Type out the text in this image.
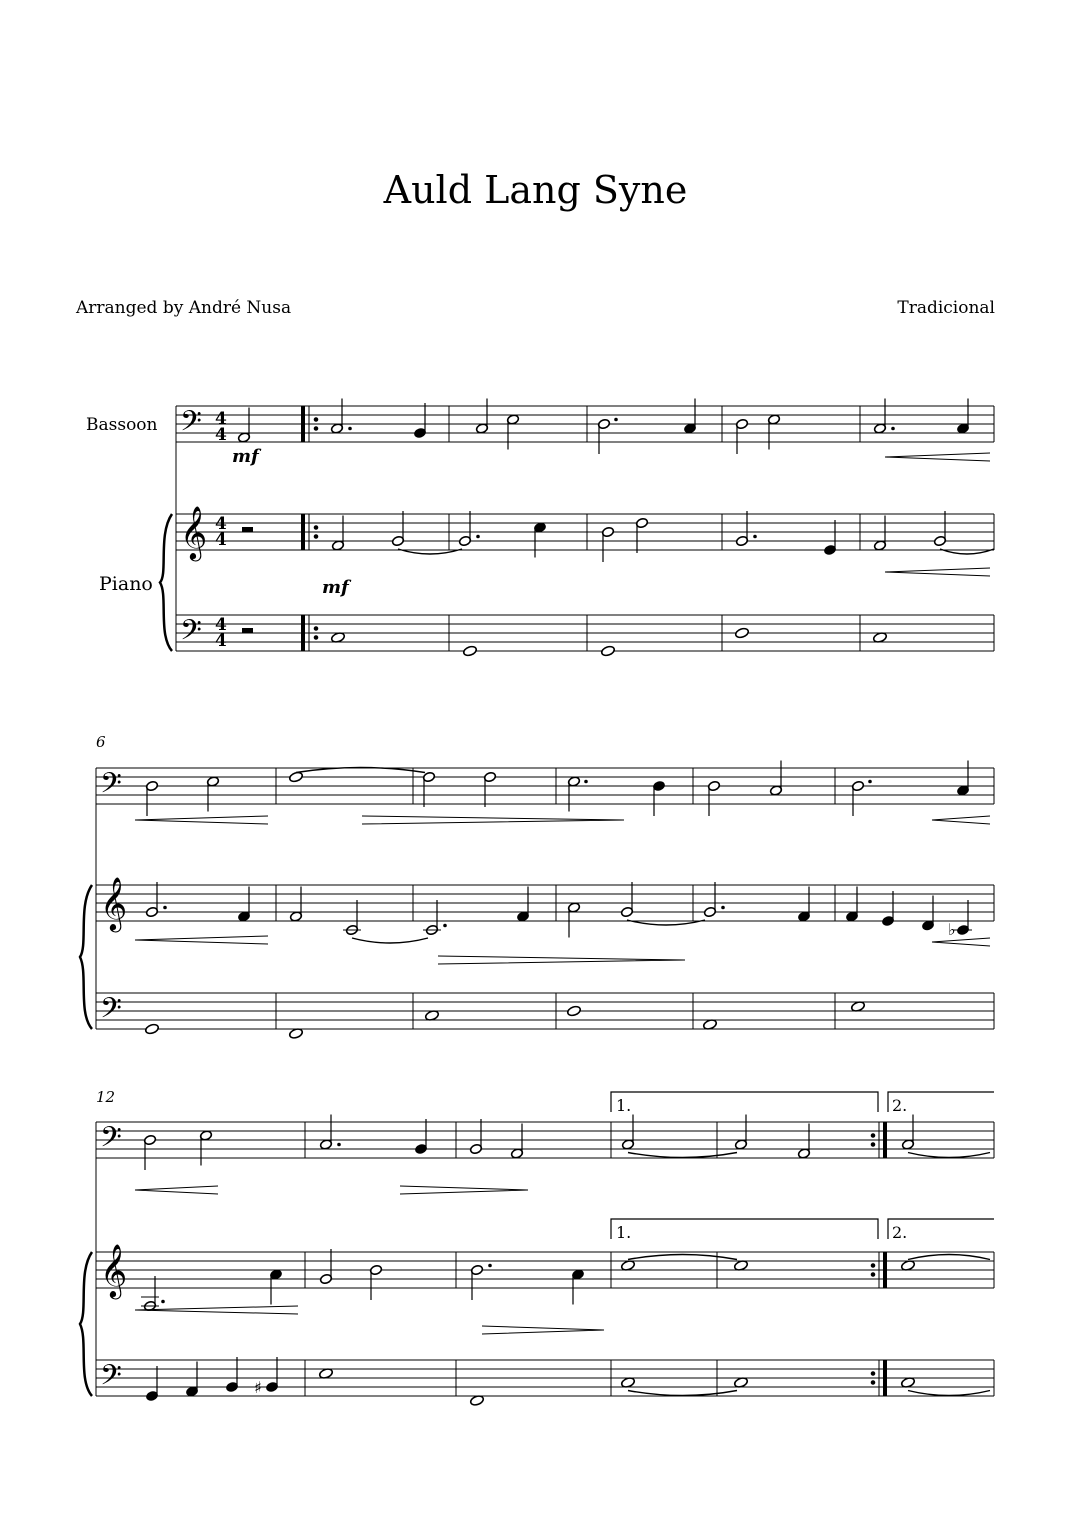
Auld Lang Syne
Arranged by André Nusa	Tradicional
𝄢
𝄞
𝄢
𝄢
𝄞
𝄢
𝄢
𝄞
𝄢
♭
♯
Bassoon
Piano
4
4
4
4
4
4
mf
mf
6
12	1.	2.
1.	2.
